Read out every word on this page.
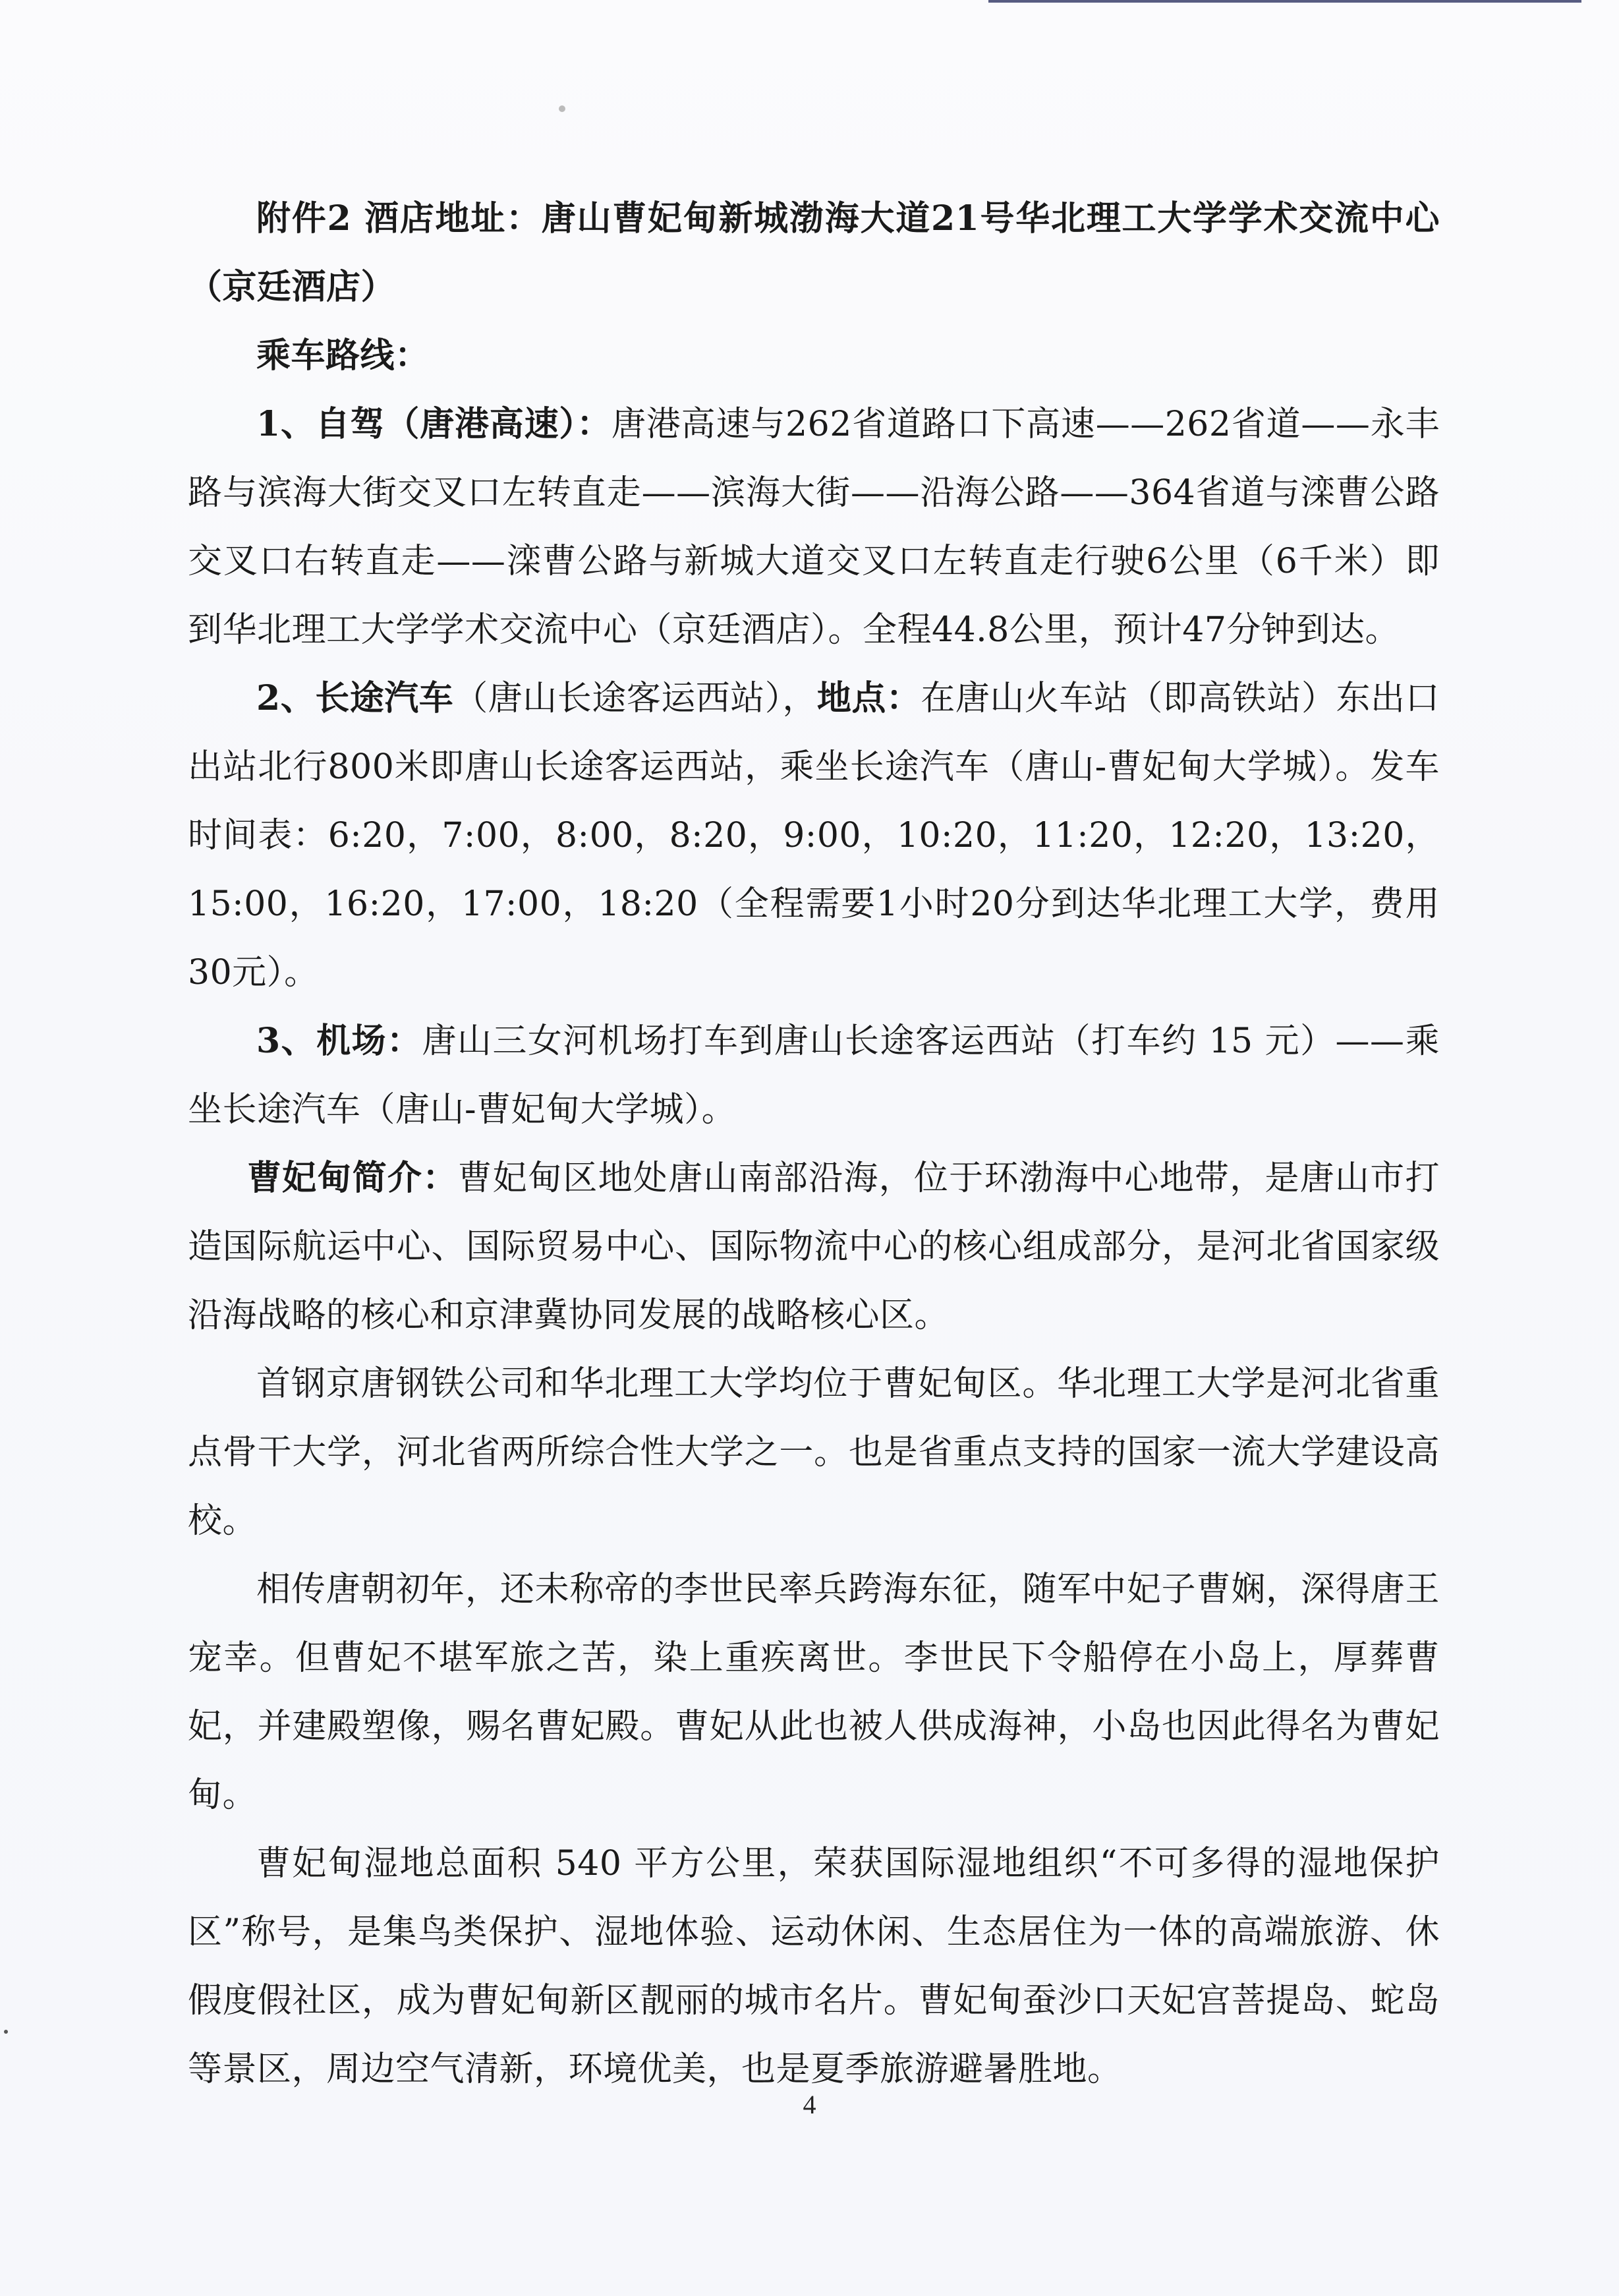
附件2 酒店地址：唐山曹妃甸新城渤海大道21号华北理工大学学术交流中心（京廷酒店）

乘车路线：

1、自驾（唐港高速）：唐港高速与262省道路口下高速——262省道——永丰路与滨海大街交叉口左转直走——滨海大街——沿海公路——364省道与滦曹公路交叉口右转直走——滦曹公路与新城大道交叉口左转直走行驶6公里（6千米）即到华北理工大学学术交流中心（京廷酒店）。全程44.8公里，预计47分钟到达。

2、长途汽车（唐山长途客运西站），地点：在唐山火车站（即高铁站）东出口出站北行800米即唐山长途客运西站，乘坐长途汽车（唐山-曹妃甸大学城）。发车时间表：6:20，7:00，8:00，8:20，9:00，10:20，11:20，12:20，13:20，15:00，16:20，17:00，18:20（全程需要1小时20分到达华北理工大学，费用30元）。

3、机场：唐山三女河机场打车到唐山长途客运西站（打车约 15 元）——乘坐长途汽车（唐山-曹妃甸大学城）。

曹妃甸简介：曹妃甸区地处唐山南部沿海，位于环渤海中心地带，是唐山市打造国际航运中心、国际贸易中心、国际物流中心的核心组成部分，是河北省国家级沿海战略的核心和京津冀协同发展的战略核心区。

首钢京唐钢铁公司和华北理工大学均位于曹妃甸区。华北理工大学是河北省重点骨干大学，河北省两所综合性大学之一。也是省重点支持的国家一流大学建设高校。

相传唐朝初年，还未称帝的李世民率兵跨海东征，随军中妃子曹娴，深得唐王宠幸。但曹妃不堪军旅之苦，染上重疾离世。李世民下令船停在小岛上，厚葬曹妃，并建殿塑像，赐名曹妃殿。曹妃从此也被人供成海神，小岛也因此得名为曹妃甸。

曹妃甸湿地总面积 540 平方公里，荣获国际湿地组织“不可多得的湿地保护区”称号，是集鸟类保护、湿地体验、运动休闲、生态居住为一体的高端旅游、休假度假社区，成为曹妃甸新区靓丽的城市名片。曹妃甸蚕沙口天妃宫菩提岛、蛇岛等景区，周边空气清新，环境优美，也是夏季旅游避暑胜地。

4
